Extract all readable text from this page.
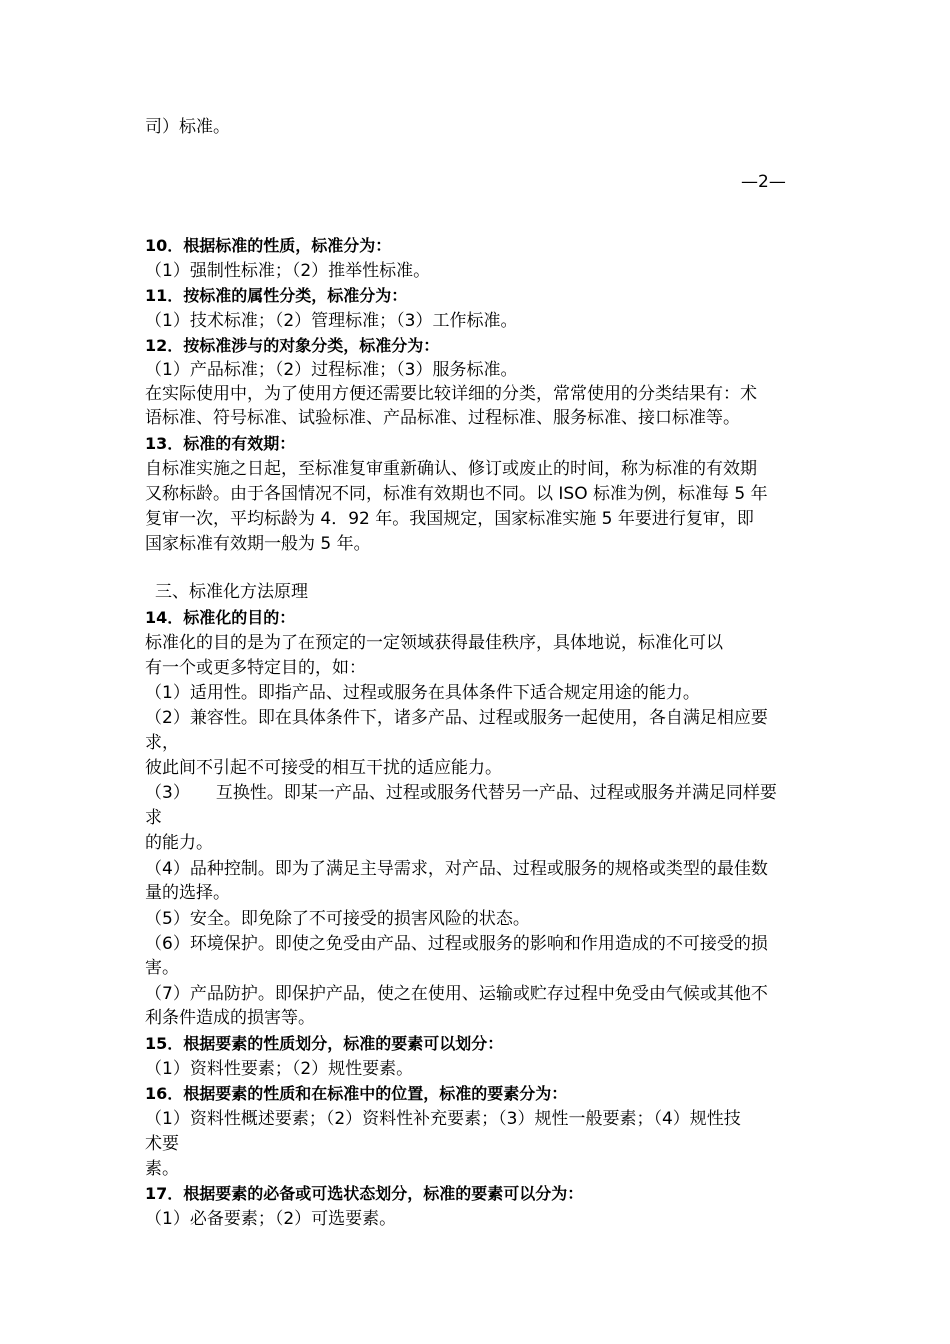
司）标准。
—2—
10．根据标准的性质，标准分为：
（1）强制性标准；（2）推举性标准。
11．按标准的属性分类，标准分为：
（1）技术标准；（2）管理标准；（3）工作标准。
12．按标准涉与的对象分类，标准分为：
（1）产品标准；（2）过程标准；（3）服务标准。
在实际使用中，为了使用方便还需要比较详细的分类，常常使用的分类结果有：术
语标准、符号标准、试验标准、产品标准、过程标准、服务标准、接口标准等。
13．标准的有效期：
自标准实施之日起，至标准复审重新确认、修订或废止的时间，称为标准的有效期
又称标龄。由于各国情况不同，标准有效期也不同。以 ISO 标准为例，标准每 5 年
复审一次，平均标龄为 4．92 年。我国规定，国家标准实施 5 年要进行复审，即
国家标准有效期一般为 5 年。
三、标准化方法原理
14．标准化的目的：
标准化的目的是为了在预定的一定领域获得最佳秩序，具体地说，标准化可以
有一个或更多特定目的，如：
（1）适用性。即指产品、过程或服务在具体条件下适合规定用途的能力。
（2）兼容性。即在具体条件下，诸多产品、过程或服务一起使用，各自满足相应要
求，
彼此间不引起不可接受的相互干扰的适应能力。
（3） 互换性。即某一产品、过程或服务代替另一产品、过程或服务并满足同样要
求
的能力。
（4）品种控制。即为了满足主导需求，对产品、过程或服务的规格或类型的最佳数
量的选择。
（5）安全。即免除了不可接受的损害风险的状态。
（6）环境保护。即使之免受由产品、过程或服务的影响和作用造成的不可接受的损
害。
（7）产品防护。即保护产品，使之在使用、运输或贮存过程中免受由气候或其他不
利条件造成的损害等。
15．根据要素的性质划分，标准的要素可以划分：
（1）资料性要素；（2）规性要素。
16．根据要素的性质和在标准中的位置，标准的要素分为：
（1）资料性概述要素；（2）资料性补充要素；（3）规性一般要素；（4）规性技
术要
素。
17．根据要素的必备或可选状态划分，标准的要素可以分为：
（1）必备要素；（2）可选要素。
